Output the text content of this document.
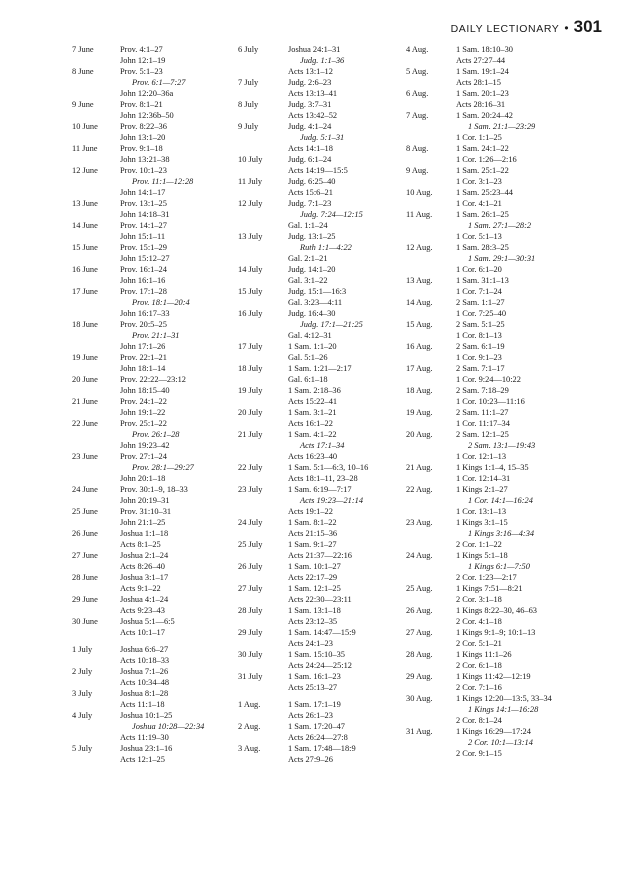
DAILY LECTIONARY • 301
7 June	Prov. 4:1–27
John 12:1–19
8 June	Prov. 5:1–23
Prov. 6:1—7:27
John 12:20–36a
9 June	Prov. 8:1–21
John 12:36b–50
10 June	Prov. 8:22–36
John 13:1–20
11 June	Prov. 9:1–18
John 13:21–38
12 June	Prov. 10:1–23
Prov. 11:1—12:28
John 14:1–17
13 June	Prov. 13:1–25
John 14:18–31
14 June	Prov. 14:1–27
John 15:1–11
15 June	Prov. 15:1–29
John 15:12–27
16 June	Prov. 16:1–24
John 16:1–16
17 June	Prov. 17:1–28
Prov. 18:1—20:4
John 16:17–33
18 June	Prov. 20:5–25
Prov. 21:1–31
John 17:1–26
19 June	Prov. 22:1–21
John 18:1–14
20 June	Prov. 22:22—23:12
John 18:15–40
21 June	Prov. 24:1–22
John 19:1–22
22 June	Prov. 25:1–22
Prov. 26:1–28
John 19:23–42
23 June	Prov. 27:1–24
Prov. 28:1—29:27
John 20:1–18
24 June	Prov. 30:1–9, 18–33
John 20:19–31
25 June	Prov. 31:10–31
John 21:1–25
26 June	Joshua 1:1–18
Acts 8:1–25
27 June	Joshua 2:1–24
Acts 8:26–40
28 June	Joshua 3:1–17
Acts 9:1–22
29 June	Joshua 4:1–24
Acts 9:23–43
30 June	Joshua 5:1—6:5
Acts 10:1–17
1 July	Joshua 6:6–27
Acts 10:18–33
2 July	Joshua 7:1–26
Acts 10:34–48
3 July	Joshua 8:1–28
Acts 11:1–18
4 July	Joshua 10:1–25
Joshua 10:28—22:34
Acts 11:19–30
5 July	Joshua 23:1–16
Acts 12:1–25
6 July	Joshua 24:1–31
Judg. 1:1–36
Acts 13:1–12
7 July	Judg. 2:6–23
Acts 13:13–41
8 July	Judg. 3:7–31
Acts 13:42–52
9 July	Judg. 4:1–24
Judg. 5:1–31
Acts 14:1–18
10 July	Judg. 6:1–24
Acts 14:19—15:5
11 July	Judg. 6:25–40
Acts 15:6–21
12 July	Judg. 7:1–23
Judg. 7:24—12:15
Gal. 1:1–24
13 July	Judg. 13:1–25
Ruth 1:1—4:22
Gal. 2:1–21
14 July	Judg. 14:1–20
Gal. 3:1–22
15 July	Judg. 15:1—16:3
Gal. 3:23—4:11
16 July	Judg. 16:4–30
Judg. 17:1—21:25
Gal. 4:12–31
17 July	1 Sam. 1:1–20
Gal. 5:1–26
18 July	1 Sam. 1:21—2:17
Gal. 6:1–18
19 July	1 Sam. 2:18–36
Acts 15:22–41
20 July	1 Sam. 3:1–21
Acts 16:1–22
21 July	1 Sam. 4:1–22
Acts 17:1–34
Acts 16:23–40
22 July	1 Sam. 5:1—6:3, 10–16
Acts 18:1–11, 23–28
23 July	1 Sam. 6:19—7:17
Acts 19:23—21:14
Acts 19:1–22
24 July	1 Sam. 8:1–22
Acts 21:15–36
25 July	1 Sam. 9:1–27
Acts 21:37—22:16
26 July	1 Sam. 10:1–27
Acts 22:17–29
27 July	1 Sam. 12:1–25
Acts 22:30—23:11
28 July	1 Sam. 13:1–18
Acts 23:12–35
29 July	1 Sam. 14:47—15:9
Acts 24:1–23
30 July	1 Sam. 15:10–35
Acts 24:24—25:12
31 July	1 Sam. 16:1–23
Acts 25:13–27
1 Aug.	1 Sam. 17:1–19
Acts 26:1–23
2 Aug.	1 Sam. 17:20–47
Acts 26:24—27:8
3 Aug.	1 Sam. 17:48—18:9
Acts 27:9–26
4 Aug.	1 Sam. 18:10–30
Acts 27:27–44
5 Aug.	1 Sam. 19:1–24
Acts 28:1–15
6 Aug.	1 Sam. 20:1–23
Acts 28:16–31
7 Aug.	1 Sam. 20:24–42
1 Sam. 21:1—23:29
1 Cor. 1:1–25
8 Aug.	1 Sam. 24:1–22
1 Cor. 1:26—2:16
9 Aug.	1 Sam. 25:1–22
1 Cor. 3:1–23
10 Aug.	1 Sam. 25:23–44
1 Cor. 4:1–21
11 Aug.	1 Sam. 26:1–25
1 Sam. 27:1—28:2
1 Cor. 5:1–13
12 Aug.	1 Sam. 28:3–25
1 Sam. 29:1—30:31
1 Cor. 6:1–20
13 Aug.	1 Sam. 31:1–13
1 Cor. 7:1–24
14 Aug.	2 Sam. 1:1–27
1 Cor. 7:25–40
15 Aug.	2 Sam. 5:1–25
1 Cor. 8:1–13
16 Aug.	2 Sam. 6:1–19
1 Cor. 9:1–23
17 Aug.	2 Sam. 7:1–17
1 Cor. 9:24—10:22
18 Aug.	2 Sam. 7:18–29
1 Cor. 10:23—11:16
19 Aug.	2 Sam. 11:1–27
1 Cor. 11:17–34
20 Aug.	2 Sam. 12:1–25
2 Sam. 13:1—19:43
1 Cor. 12:1–13
21 Aug.	1 Kings 1:1–4, 15–35
1 Cor. 12:14–31
22 Aug.	1 Kings 2:1–27
1 Cor. 14:1—16:24
1 Cor. 13:1–13
23 Aug.	1 Kings 3:1–15
1 Kings 3:16—4:34
2 Cor. 1:1–22
24 Aug.	1 Kings 5:1–18
1 Kings 6:1—7:50
2 Cor. 1:23—2:17
25 Aug.	1 Kings 7:51—8:21
2 Cor. 3:1–18
26 Aug.	1 Kings 8:22–30, 46–63
2 Cor. 4:1–18
27 Aug.	1 Kings 9:1–9; 10:1–13
2 Cor. 5:1–21
28 Aug.	1 Kings 11:1–26
2 Cor. 6:1–18
29 Aug.	1 Kings 11:42—12:19
2 Cor. 7:1–16
30 Aug.	1 Kings 12:20—13:5, 33–34
1 Kings 14:1—16:28
2 Cor. 8:1–24
31 Aug.	1 Kings 16:29—17:24
2 Cor. 10:1—13:14
2 Cor. 9:1–15
